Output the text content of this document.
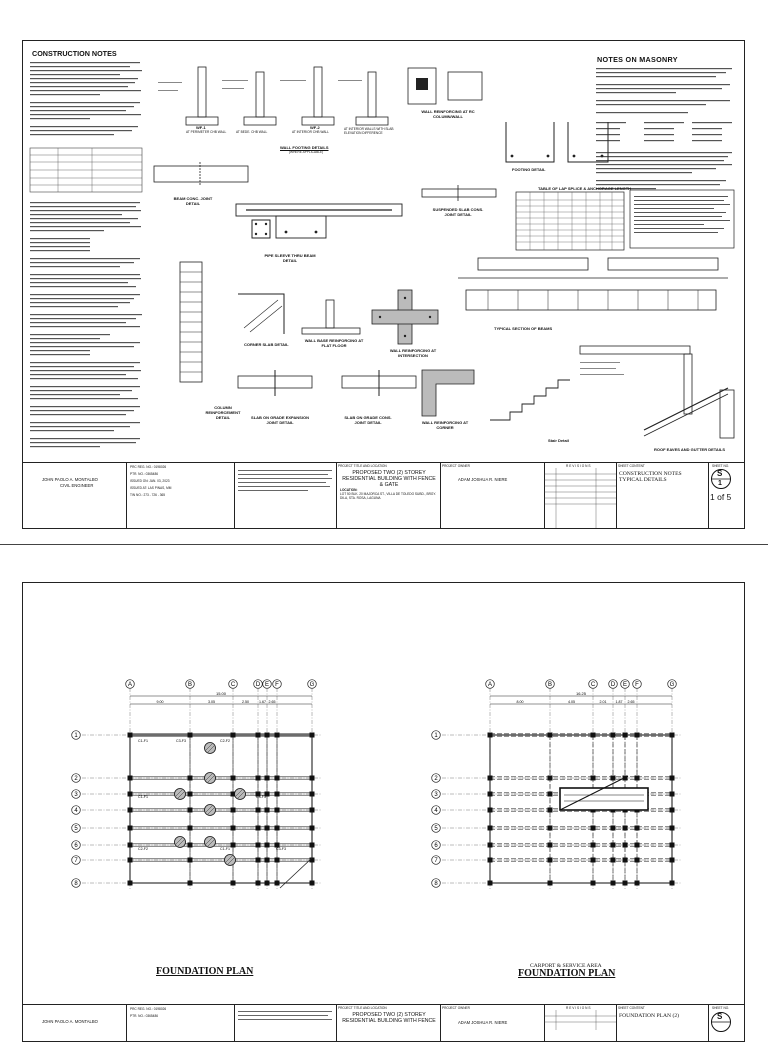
CONSTRUCTION NOTES
WF-1
AT PERIMETER CHB WALL
WF-2
AT BEDE. CHB WALL	AT INTERIOR CHB WALL
AT INTERIOR WALLS WITH SLAB ELEVATION DIFFERENCE
WALL FOOTING DETAILS
(WHERE APPLICABLE)
WALL REINFORCING AT RC COLUMN/WALL
NOTES ON MASONRY
FOOTING DETAIL
BEAM CONC. JOINT DETAIL
PIPE SLEEVE THRU BEAM DETAIL
SUSPENDED SLAB CONS. JOINT DETAIL
TABLE OF LAP SPLICE & ANCHORAGE LENGTH
COLUMN REINFORCEMENT DETAIL
CORNER SLAB DETAIL
WALL BASE REINFORCING AT FLAT FLOOR
WALL REINFORCING AT INTERSECTION
TYPICAL SECTION OF BEAMS
SLAB ON GRADE EXPANSION JOINT DETAIL
SLAB ON GRADE CONS. JOINT DETAIL	WALL REINFORCING AT CORNER
Stair Detail
ROOF EAVES AND GUTTER DETAILS
JOHN PAOLO A. MONTALBO
CIVIL ENGINEER
PRC REG. NO.: 0198026
PTR. NO.: 0365486
ISSUED ON: JAN. 03, 2023
ISSUED AT: LAS PINAS, MM
TIN NO.: 273 - 726 - 365
PROJECT TITLE AND LOCATION
PROPOSED TWO (2) STOREY RESIDENTIAL BUILDING WITH FENCE & GATE
LOCATION:
LOT 50 BLK. 20 MAJORCA ST., VILLA DE TOLEDO SUBD., BRGY. DILA, STA. ROSA, LAGUNA
PROJECT OWNER
ADAM JOSHUA R. NIERE
R E V I S I O N S	SHEET CONTENT
CONSTRUCTION NOTES TYPICAL DETAILS
SHEET NO.
S
1
1 of 5
A	B	C	D E F	G
1
2
3
4
5
6
7
8
15.00
9.00	3.05	2.50	1.67 2.65
C1-F1	C3-F3	C2-F2
C1-F1	C3-F3
C2-F2	C1-F1	C3-F3
FOUNDATION PLAN
A	B	C	D E F	G
1
2
3
4
5
6
7
8
16.25
8.00	4.05	2.01	1.87 2.65
CARPORT & SERVICE AREA
FOUNDATION PLAN
JOHN PAOLO A. MONTALBO
PRC REG. NO.: 0198026
PTR. NO.: 0365486
PROJECT TITLE AND LOCATION
PROPOSED TWO (2) STOREY RESIDENTIAL BUILDING WITH FENCE
PROJECT OWNER
ADAM JOSHUA R. NIERE
R E V I S I O N S	SHEET CONTENT
FOUNDATION PLAN (2)
SHEET NO.
S
